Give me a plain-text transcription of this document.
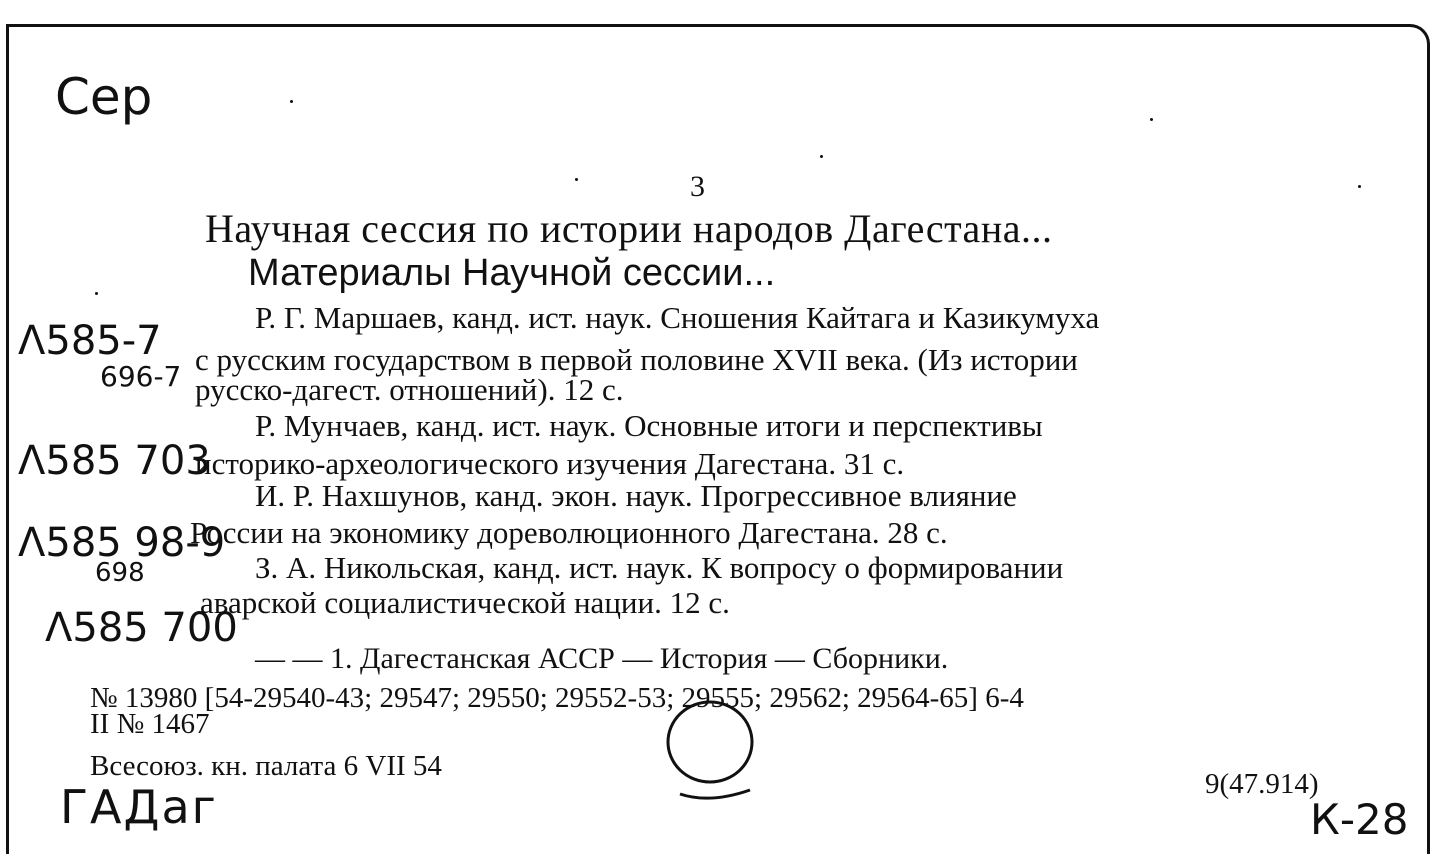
Сер
ГАДаг	К-28
Λ585-7
696-7
Λ585 703
Λ585 98-9
698
Λ585 700
3
Научная сессия по истории народов Дагестана...
Материалы Научной сессии...
Р. Г. Маршаев, канд. ист. наук. Сношения Кайтага и Казикумуха
с русским государством в первой половине XVII века. (Из истории
русско-дагест. отношений). 12 с.
Р. Мунчаев, канд. ист. наук. Основные итоги и перспективы
историко-археологического изучения Дагестана. 31 с.
И. Р. Нахшунов, канд. экон. наук. Прогрессивное влияние
России на экономику дореволюционного Дагестана. 28 с.
З. А. Никольская, канд. ист. наук. К вопросу о формировании
аварской социалистической нации. 12 с.
— — 1. Дагестанская АССР — История — Сборники.
№ 13980 [54-29540-43; 29547; 29550; 29552-53; 29555; 29562; 29564-65] 6-4
II № 1467
Всесоюз. кн. палата 6 VII 54
9(47.914)
